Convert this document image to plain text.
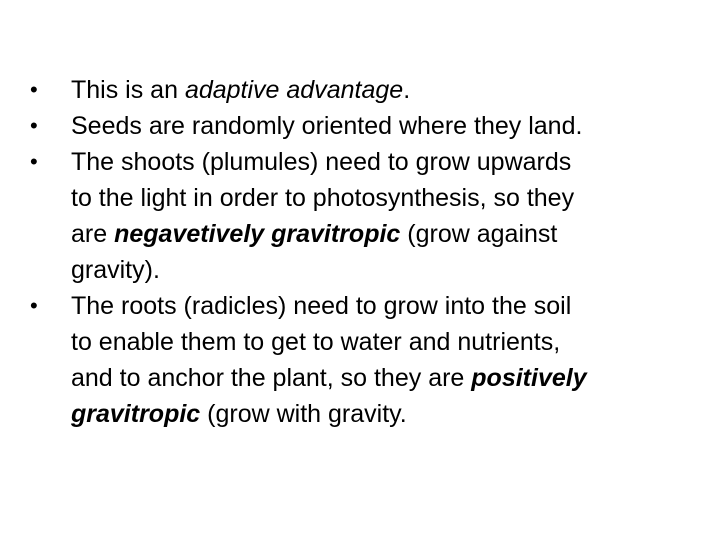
•	This is an adaptive advantage.
•	Seeds are randomly oriented where they land.
•	The shoots (plumules) need to grow upwards
to the light in order to photosynthesis, so they
are negavetively gravitropic (grow against
gravity).
•	The roots (radicles) need to grow into the soil
to enable them to get to water and nutrients,
and to anchor the plant, so they are positively
gravitropic (grow with gravity.
